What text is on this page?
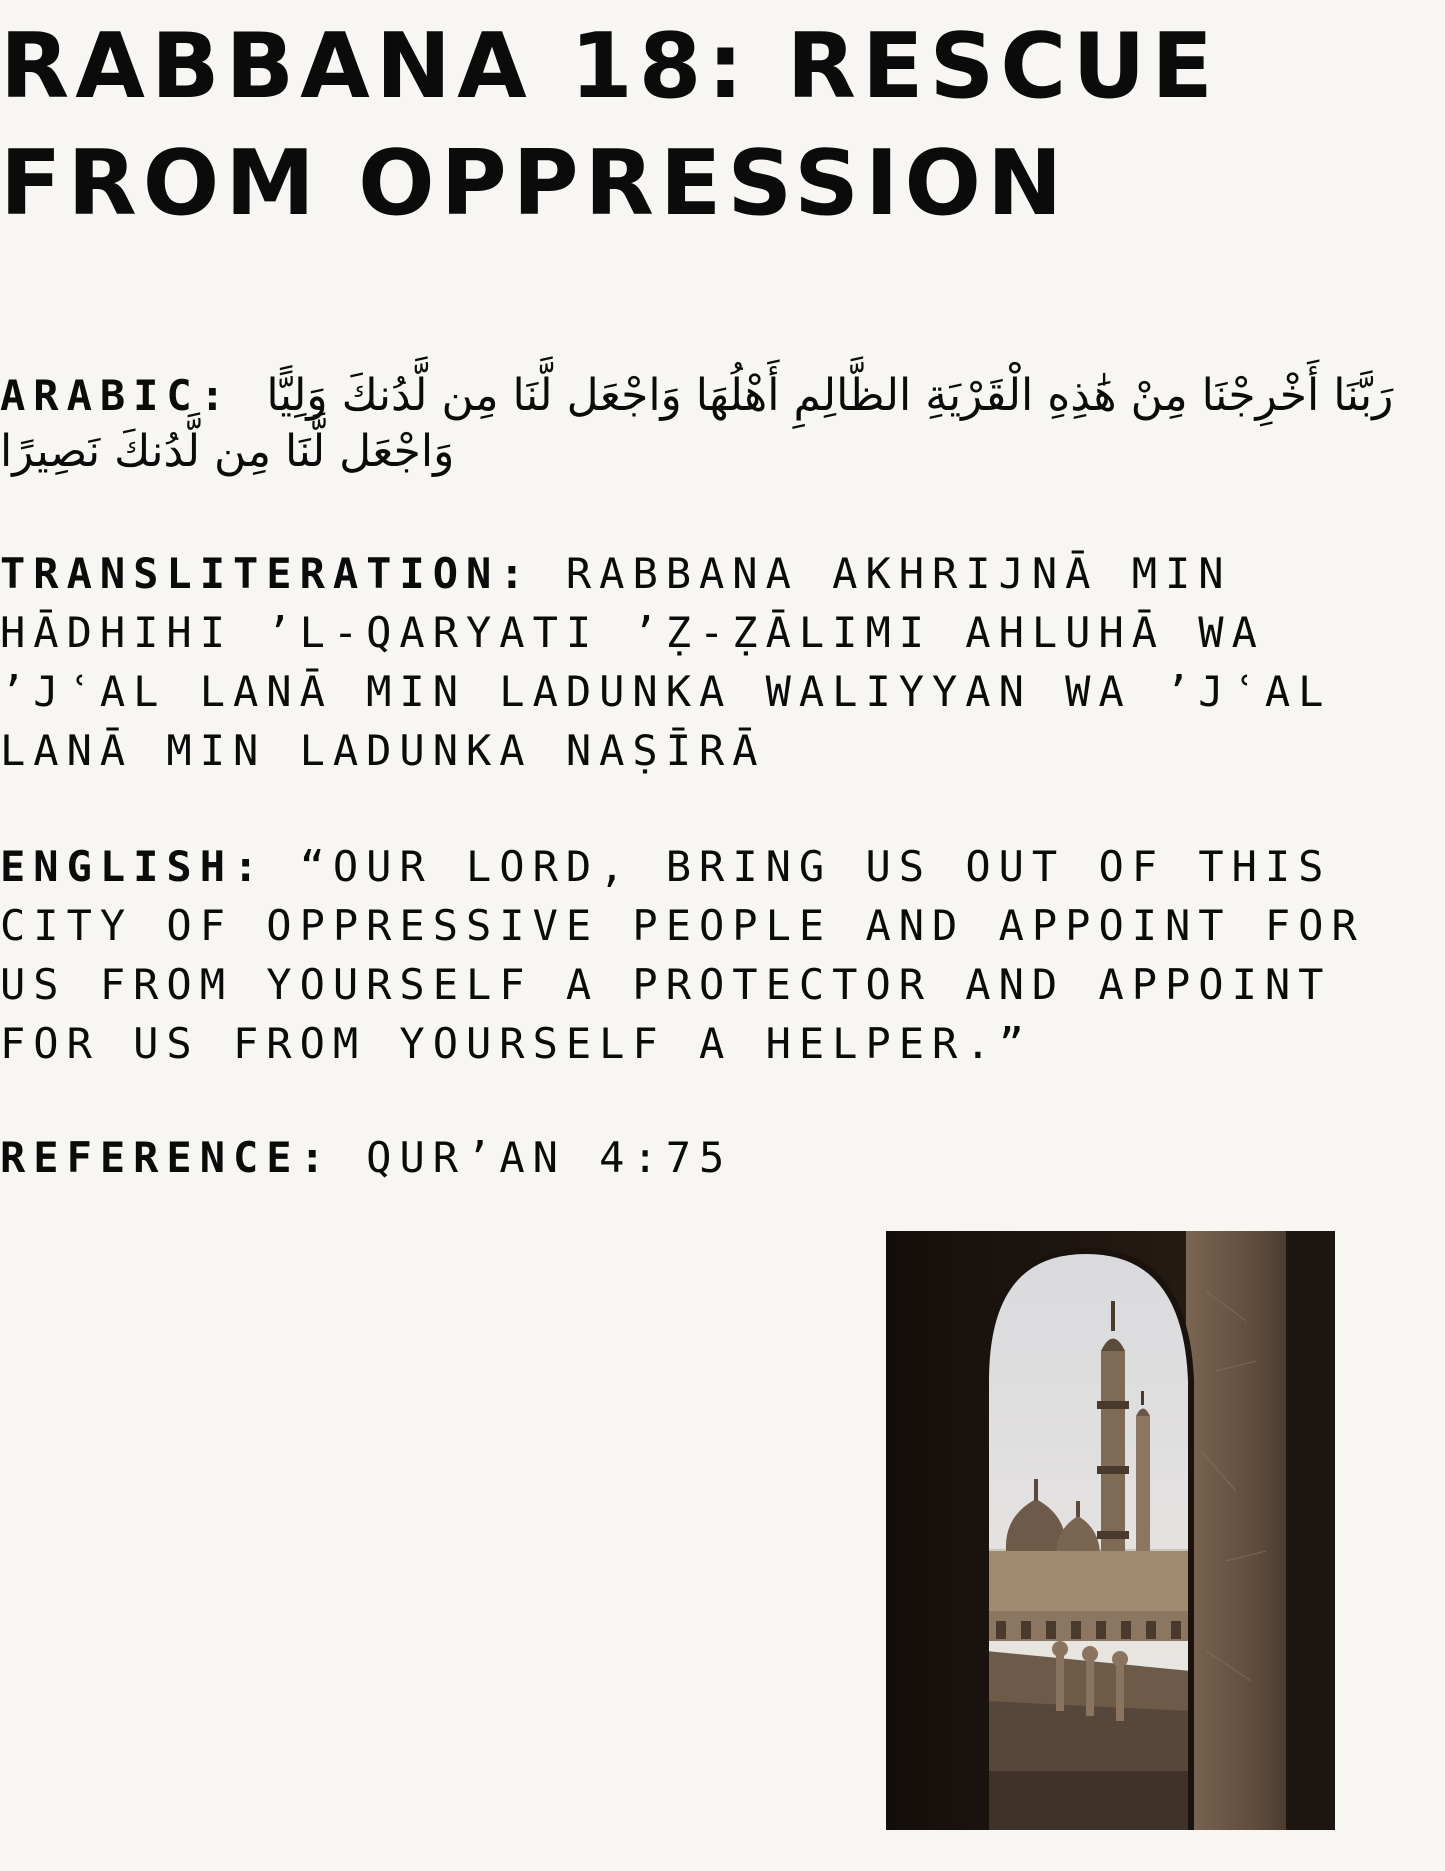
RABBANA 18: RESCUE FROM OPPRESSION

ARABIC: رَبَّنَا أَخْرِجْنَا مِنْ هَٰذِهِ الْقَرْيَةِ الظَّالِمِ أَهْلُهَا وَاجْعَل لَّنَا مِن لَّدُنكَ وَلِيًّا وَاجْعَل لَّنَا مِن لَّدُنكَ نَصِيرًا

TRANSLITERATION: RABBANA AKHRIJNĀ MIN HĀDHIHI ’L-QARYATI ’Ẓ-ẒĀLIMI AHLUHĀ WA ’JʿAL LANĀ MIN LADUNKA WALIYYAN WA ’JʿAL LANĀ MIN LADUNKA NAṢĪRĀ

ENGLISH: “OUR LORD, BRING US OUT OF THIS CITY OF OPPRESSIVE PEOPLE AND APPOINT FOR US FROM YOURSELF A PROTECTOR AND APPOINT FOR US FROM YOURSELF A HELPER.”

REFERENCE: QUR’AN 4:75
